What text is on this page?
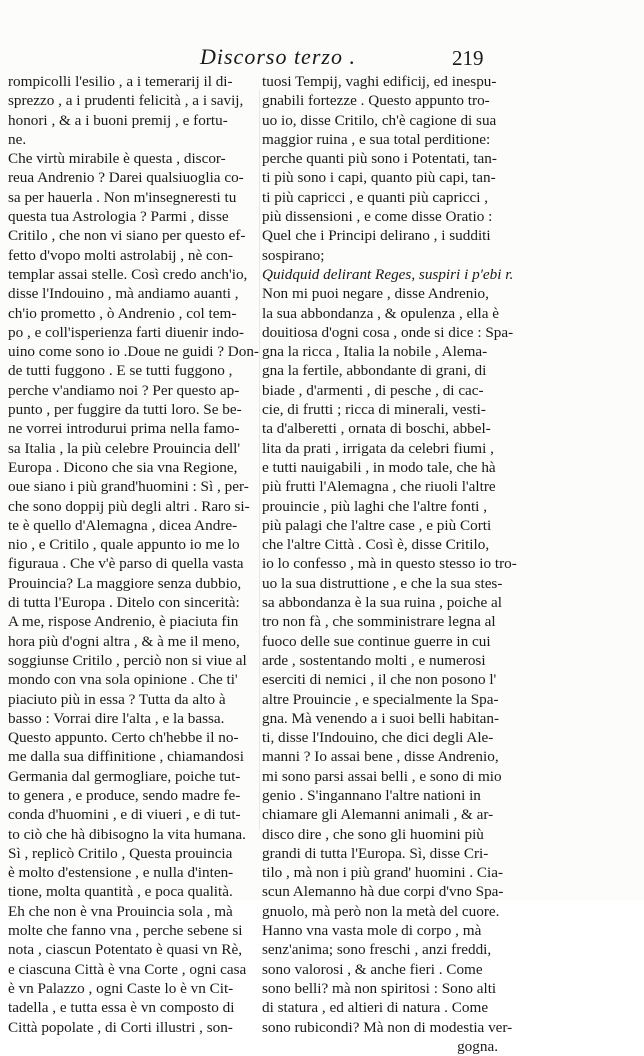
Discorso terzo .	219
rompicolli l'esilio , a i temerarij il di-
sprezzo , a i prudenti felicità , a i savij,
honori , & a i buoni premij , e fortu-
ne.
Che virtù mirabile è questa , discor-
reua Andrenio ? Darei qualsiuoglia co-
sa per hauerla . Non m'insegneresti tu
questa tua Astrologia ? Parmi , disse
Critilo , che non vi siano per questo ef-
fetto d'vopo molti astrolabij , nè con-
templar assai stelle. Così credo anch'io,
disse l'Indouino , mà andiamo auanti ,
ch'io prometto , ò Andrenio , col tem-
po , e coll'isperienza farti diuenir indo-
uino come sono io .Doue ne guidi ? Don-
de tutti fuggono . E se tutti fuggono ,
perche v'andiamo noi ? Per questo ap-
punto , per fuggire da tutti loro. Se be-
ne vorrei introdurui prima nella famo-
sa Italia , la più celebre Prouincia dell'
Europa . Dicono che sia vna Regione,
oue siano i più grand'huomini : Sì , per-
che sono doppij più degli altri . Raro si-
te è quello d'Alemagna , dicea Andre-
nio , e Critilo , quale appunto io me lo
figuraua . Che v'è parso di quella vasta
Prouincia? La maggiore senza dubbio,
di tutta l'Europa . Ditelo con sincerità:
A me, rispose Andrenio, è piaciuta fin
hora più d'ogni altra , & à me il meno,
soggiunse Critilo , perciò non si viue al
mondo con vna sola opinione . Che ti'
piaciuto più in essa ? Tutta da alto à
basso : Vorrai dire l'alta , e la bassa.
Questo appunto. Certo ch'hebbe il no-
me dalla sua diffinitione , chiamandosi
Germania dal germogliare, poiche tut-
to genera , e produce, sendo madre fe-
conda d'huomini , e di viueri , e di tut-
to ciò che hà dibisogno la vita humana.
Sì , replicò Critilo , Questa prouincia
è molto d'estensione , e nulla d'inten-
tione, molta quantità , e poca qualità.
Eh che non è vna Prouincia sola , mà
molte che fanno vna , perche sebene si
nota , ciascun Potentato è quasi vn Rè,
e ciascuna Città è vna Corte , ogni casa
è vn Palazzo , ogni Caste lo è vn Cit-
tadella , e tutta essa è vn composto di
Città popolate , di Corti illustri , son-
tuosi Tempij, vaghi edificij, ed inespu-
gnabili fortezze . Questo appunto tro-
uo io, disse Critilo, ch'è cagione di sua
maggior ruina , e sua total perditione:
perche quanti più sono i Potentati, tan-
ti più sono i capi, quanto più capi, tan-
ti più capricci , e quanti più capricci ,
più dissensioni , e come disse Oratio :
Quel che i Principi delirano , i sudditi
sospirano;
Quidquid delirant Reges, suspiri i p'ebi r.
Non mi puoi negare , disse Andrenio,
la sua abbondanza , & opulenza , ella è
douitiosa d'ogni cosa , onde si dice : Spa-
gna la ricca , Italia la nobile , Alema-
gna la fertile, abbondante di grani, di
biade , d'armenti , di pesche , di cac-
cie, di frutti ; ricca di minerali, vesti-
ta d'alberetti , ornata di boschi, abbel-
lita da prati , irrigata da celebri fiumi ,
e tutti nauigabili , in modo tale, che hà
più frutti l'Alemagna , che riuoli l'altre
prouincie , più laghi che l'altre fonti ,
più palagi che l'altre case , e più Corti
che l'altre Città . Così è, disse Critilo,
io lo confesso , mà in questo stesso io tro-
uo la sua distruttione , e che la sua stes-
sa abbondanza è la sua ruina , poiche al
tro non fà , che somministrare legna al
fuoco delle sue continue guerre in cui
arde , sostentando molti , e numerosi
eserciti di nemici , il che non posono l'
altre Prouincie , e specialmente la Spa-
gna. Mà venendo a i suoi belli habitan-
ti, disse l'Indouino, che dici degli Ale-
manni ? Io assai bene , disse Andrenio,
mi sono parsi assai belli , e sono di mio
genio . S'ingannano l'altre nationi in
chiamare gli Alemanni animali , & ar-
disco dire , che sono gli huomini più
grandi di tutta l'Europa. Sì, disse Cri-
tilo , mà non i più grand' huomini . Cia-
scun Alemanno hà due corpi d'vno Spa-
gnuolo, mà però non la metà del cuore.
Hanno vna vasta mole di corpo , mà
senz'anima; sono freschi , anzi freddi,
sono valorosi , & anche fieri . Come
sono belli? mà non spiritosi : Sono alti
di statura , ed altieri di natura . Come
sono rubicondi? Mà non di modestia ver-
gogna.
